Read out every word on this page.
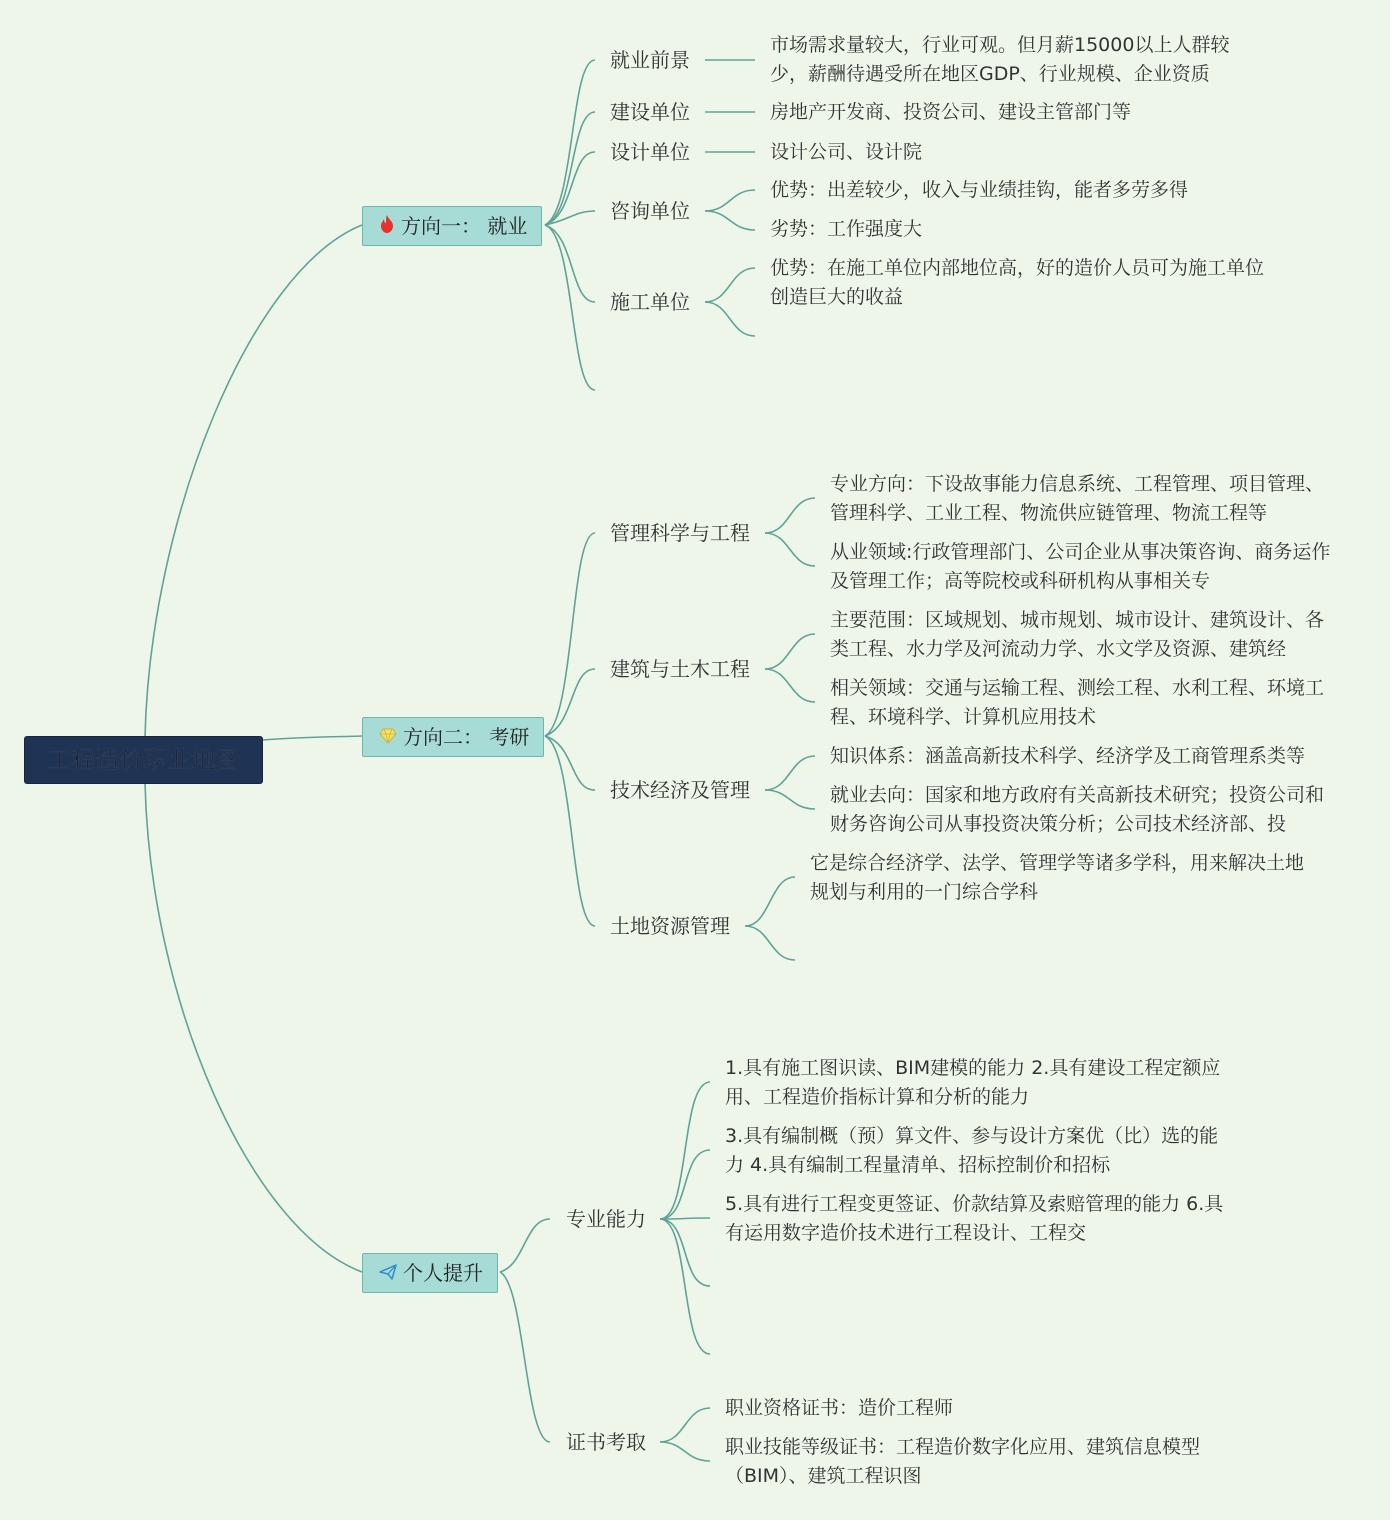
工程造价职业地图
方向一： 就业
就业前景
建设单位
设计单位
咨询单位
施工单位
市场需求量较大，行业可观。但月薪15000以上人群较少，薪酬待遇受所在地区GDP、行业规模、企业资质
房地产开发商、投资公司、建设主管部门等
设计公司、设计院
优势：出差较少，收入与业绩挂钩，能者多劳多得
劣势：工作强度大
优势：在施工单位内部地位高，好的造价人员可为施工单位创造巨大的收益
方向二： 考研
管理科学与工程
建筑与土木工程
技术经济及管理
土地资源管理
专业方向：下设故事能力信息系统、工程管理、项目管理、管理科学、工业工程、物流供应链管理、物流工程等
从业领域:行政管理部门、公司企业从事决策咨询、商务运作及管理工作；高等院校或科研机构从事相关专
主要范围：区域规划、城市规划、城市设计、建筑设计、各类工程、水力学及河流动力学、水文学及资源、建筑经
相关领域：交通与运输工程、测绘工程、水利工程、环境工程、环境科学、计算机应用技术
知识体系：涵盖高新技术科学、经济学及工商管理系类等
就业去向：国家和地方政府有关高新技术研究；投资公司和财务咨询公司从事投资决策分析；公司技术经济部、投
它是综合经济学、法学、管理学等诸多学科，用来解决土地规划与利用的一门综合学科
个人提升
专业能力
证书考取
1.具有施工图识读、BIM建模的能力 2.具有建设工程定额应用、工程造价指标计算和分析的能力
3.具有编制概（预）算文件、参与设计方案优（比）选的能力 4.具有编制工程量清单、招标控制价和招标
5.具有进行工程变更签证、价款结算及索赔管理的能力 6.具有运用数字造价技术进行工程设计、工程交
职业资格证书：造价工程师
职业技能等级证书：工程造价数字化应用、建筑信息模型（BIM）、建筑工程识图
